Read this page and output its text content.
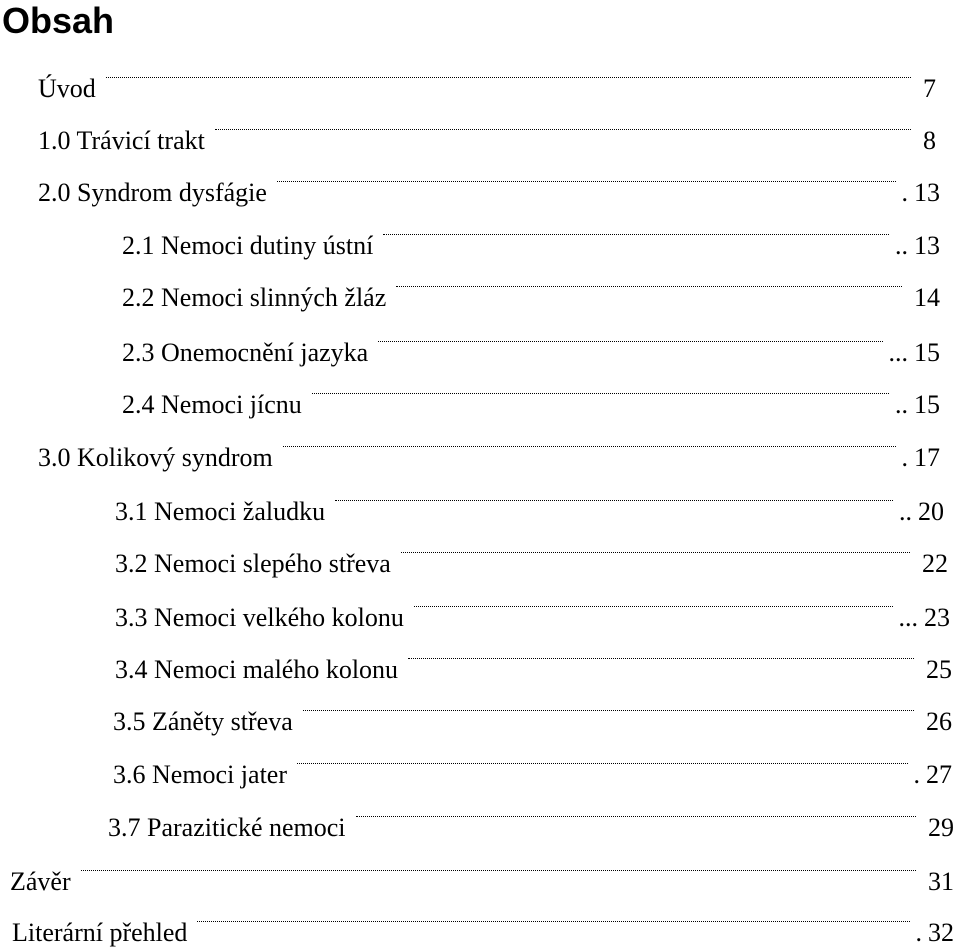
Obsah
Úvod	7
1.0 Trávicí trakt	8
2.0 Syndrom dysfágie	. 13
2.1 Nemoci dutiny ústní	.. 13
2.2 Nemoci slinných žláz	14
2.3 Onemocnění jazyka	... 15
2.4 Nemoci jícnu	.. 15
3.0 Kolikový syndrom	. 17
3.1 Nemoci žaludku	.. 20
3.2 Nemoci slepého střeva	22
3.3 Nemoci velkého kolonu	... 23
3.4 Nemoci malého kolonu	25
3.5 Záněty střeva	26
3.6 Nemoci jater	. 27
3.7 Parazitické nemoci	29
Závěr	31
Literární přehled	. 32
